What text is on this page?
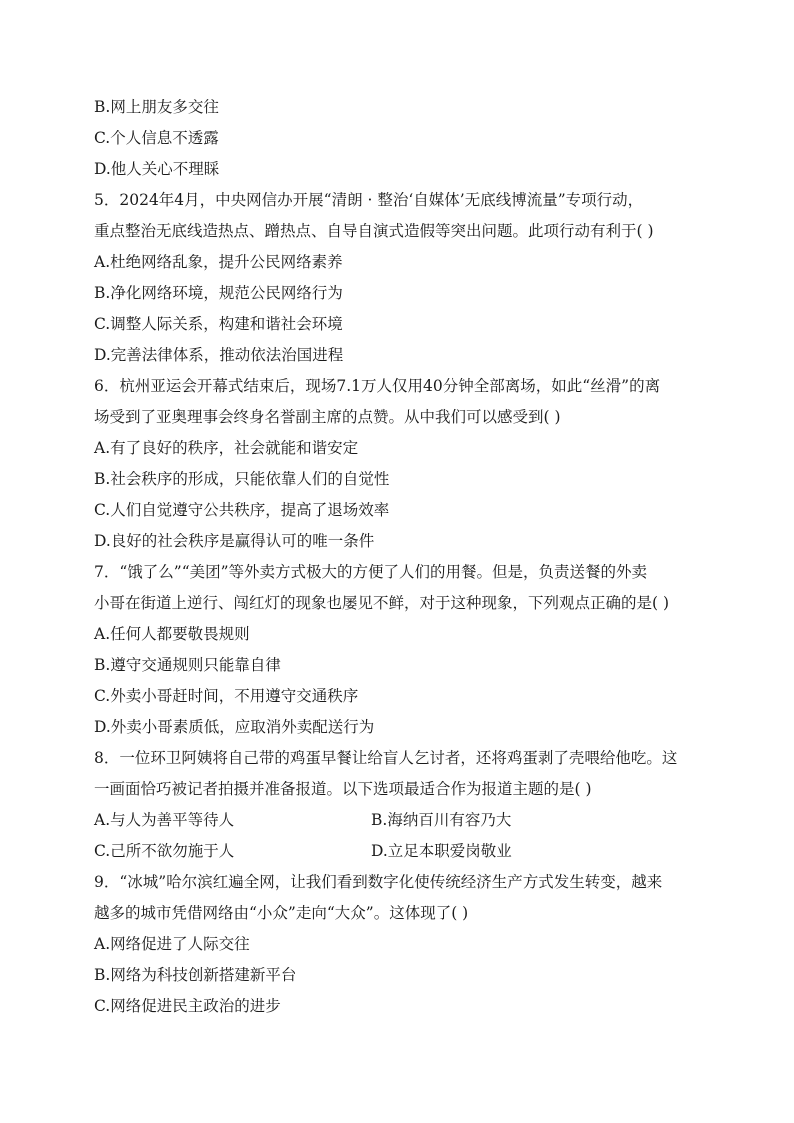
B.网上朋友多交往
C.个人信息不透露
D.他人关心不理睬
5．2024年4月，中央网信办开展“清朗 · 整治‘自媒体’无底线博流量”专项行动，
重点整治无底线造热点、蹭热点、自导自演式造假等突出问题。此项行动有利于( )
A.杜绝网络乱象，提升公民网络素养
B.净化网络环境，规范公民网络行为
C.调整人际关系，构建和谐社会环境
D.完善法律体系，推动依法治国进程
6．杭州亚运会开幕式结束后，现场7.1万人仅用40分钟全部离场，如此“丝滑”的离
场受到了亚奥理事会终身名誉副主席的点赞。从中我们可以感受到( )
A.有了良好的秩序，社会就能和谐安定
B.社会秩序的形成，只能依靠人们的自觉性
C.人们自觉遵守公共秩序，提高了退场效率
D.良好的社会秩序是赢得认可的唯一条件
7．“饿了么”“美团”等外卖方式极大的方便了人们的用餐。但是，负责送餐的外卖
小哥在街道上逆行、闯红灯的现象也屡见不鲜，对于这种现象，下列观点正确的是( )
A.任何人都要敬畏规则
B.遵守交通规则只能靠自律
C.外卖小哥赶时间，不用遵守交通秩序
D.外卖小哥素质低，应取消外卖配送行为
8．一位环卫阿姨将自己带的鸡蛋早餐让给盲人乞讨者，还将鸡蛋剥了壳喂给他吃。这
一画面恰巧被记者拍摄并准备报道。以下选项最适合作为报道主题的是( )
A.与人为善平等待人	B.海纳百川有容乃大
C.己所不欲勿施于人	D.立足本职爱岗敬业
9．“冰城”哈尔滨红遍全网，让我们看到数字化使传统经济生产方式发生转变，越来
越多的城市凭借网络由“小众”走向“大众”。这体现了( )
A.网络促进了人际交往
B.网络为科技创新搭建新平台
C.网络促进民主政治的进步
